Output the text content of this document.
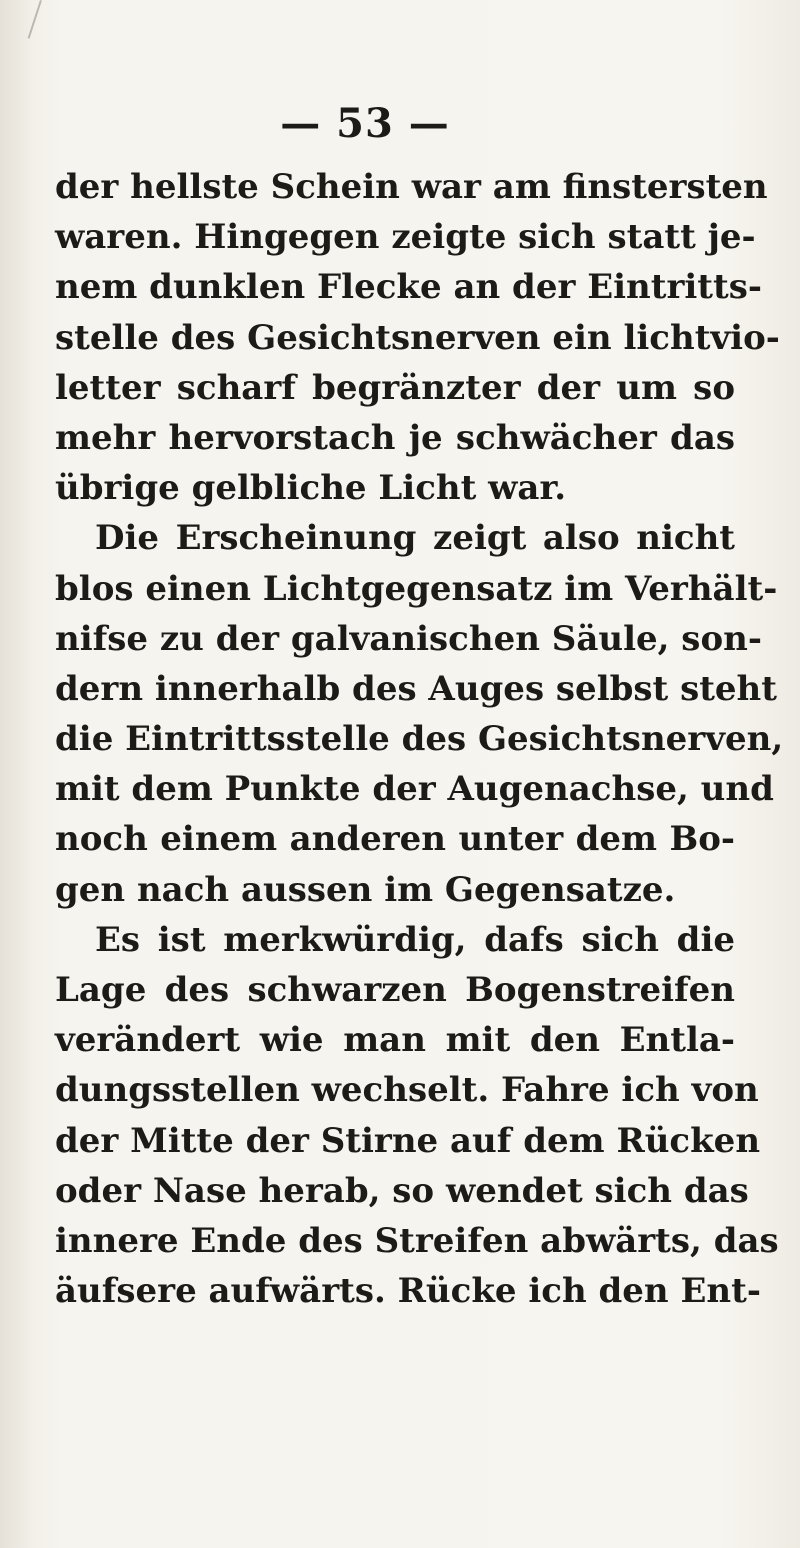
— 53 —
der hellste Schein war am finstersten
waren. Hingegen zeigte sich statt je-
nem dunklen Flecke an der Eintritts-
stelle des Gesichtsnerven ein lichtvio-
letter scharf begränzter der um so
mehr hervorstach je schwächer das
übrige gelbliche Licht war.
Die Erscheinung zeigt also nicht
blos einen Lichtgegensatz im Verhält-
nifse zu der galvanischen Säule, son-
dern innerhalb des Auges selbst steht
die Eintrittsstelle des Gesichtsnerven,
mit dem Punkte der Augenachse, und
noch einem anderen unter dem Bo-
gen nach aussen im Gegensatze.
Es ist merkwürdig, dafs sich die
Lage des schwarzen Bogenstreifen
verändert wie man mit den Entla-
dungsstellen wechselt. Fahre ich von
der Mitte der Stirne auf dem Rücken
oder Nase herab, so wendet sich das
innere Ende des Streifen abwärts, das
äufsere aufwärts. Rücke ich den Ent-
